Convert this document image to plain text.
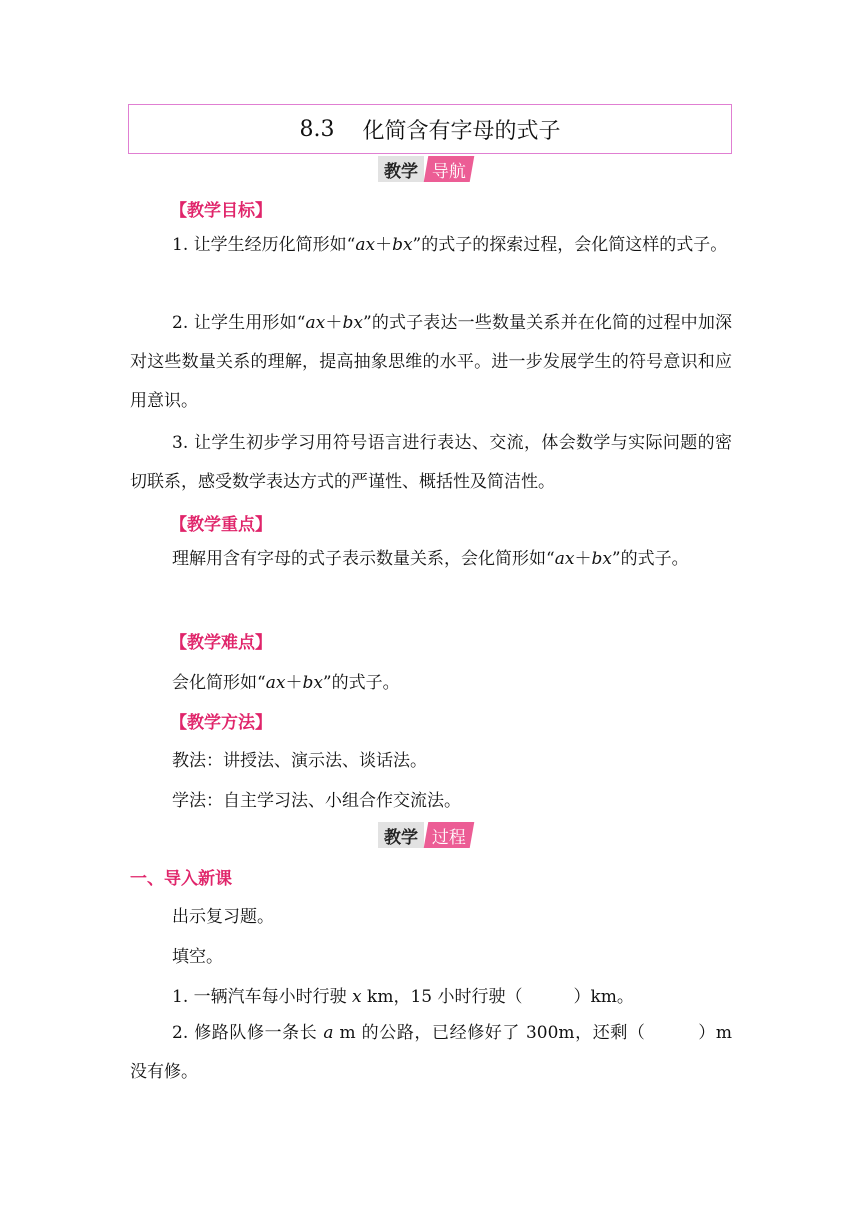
8.3 化简含有字母的式子
教学 导航
【教学目标】

1. 让学生经历化简形如“ax＋bx”的式子的探索过程，会化简这样的式子。

2. 让学生用形如“ax＋bx”的式子表达一些数量关系并在化简的过程中加深对这些数量关系的理解，提高抽象思维的水平。进一步发展学生的符号意识和应用意识。

3. 让学生初步学习用符号语言进行表达、交流，体会数学与实际问题的密切联系，感受数学表达方式的严谨性、概括性及简洁性。

【教学重点】

理解用含有字母的式子表示数量关系，会化简形如“ax＋bx”的式子。

【教学难点】
会化简形如“ax＋bx”的式子。
【教学方法】
教法：讲授法、演示法、谈话法。
学法：自主学习法、小组合作交流法。
教学 过程
一、导入新课
出示复习题。
填空。
1. 一辆汽车每小时行驶 x km，15 小时行驶（　　　）km。

2. 修路队修一条长 a m 的公路，已经修好了 300m，还剩（　　　）m 没有修。
